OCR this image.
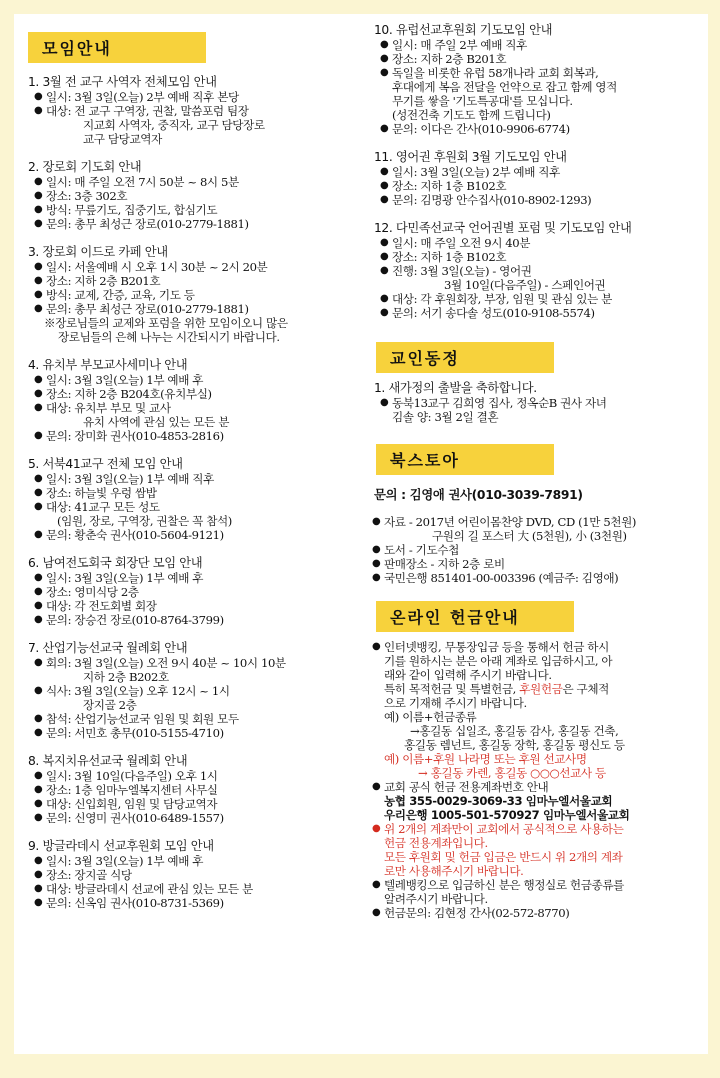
모임안내
1. 3월 전 교구 사역자 전체모임 안내
● 일시: 3월 3일(오늘) 2부 예배 직후 본당
● 대상: 전 교구 구역장, 권찰, 말씀포럼 팀장
지교회 사역자, 중직자, 교구 담당장로
교구 담당교역자
2. 장로회 기도회 안내
● 일시: 매 주일 오전 7시 50분 ~ 8시 5분
● 장소: 3층 302호
● 방식: 무릎기도, 집중기도, 합심기도
● 문의: 총무 최성근 장로(010-2779-1881)
3. 장로회 이드로 카페 안내
● 일시: 서울예배 시 오후 1시 30분 ~ 2시 20분
● 장소: 지하 2층 B201호
● 방식: 교제, 간증, 교육, 기도 등
● 문의: 총무 최성근 장로(010-2779-1881)
※장로님들의 교제와 포럼을 위한 모임이오니 많은
장로님들의 은혜 나누는 시간되시기 바랍니다.
4. 유치부 부모교사세미나 안내
● 일시: 3월 3일(오늘) 1부 예배 후
● 장소: 지하 2층 B204호(유치부실)
● 대상: 유치부 부모 및 교사
유치 사역에 관심 있는 모든 분
● 문의: 장미화 권사(010-4853-2816)
5. 서북41교구 전체 모임 안내
● 일시: 3월 3일(오늘) 1부 예배 직후
● 장소: 하늘빛 우렁 쌈밥
● 대상: 41교구 모든 성도
(임원, 장로, 구역장, 권찰은 꼭 참석)
● 문의: 황춘숙 권사(010-5604-9121)
6. 남여전도회국 회장단 모임 안내
● 일시: 3월 3일(오늘) 1부 예배 후
● 장소: 영미식당 2층
● 대상: 각 전도회별 회장
● 문의: 장승건 장로(010-8764-3799)
7. 산업기능선교국 월례회 안내
● 회의: 3월 3일(오늘) 오전 9시 40분 ~ 10시 10분
지하 2층 B202호
● 식사: 3월 3일(오늘) 오후 12시 ~ 1시
장지골 2층
● 참석: 산업기능선교국 임원 및 회원 모두
● 문의: 서민호 총무(010-5155-4710)
8. 복지치유선교국 월례회 안내
● 일시: 3월 10일(다음주일) 오후 1시
● 장소: 1층 임마누엘복지센터 사무실
● 대상: 신입회원, 임원 및 담당교역자
● 문의: 신영미 권사(010-6489-1557)
9. 방글라데시 선교후원회 모임 안내
● 일시: 3월 3일(오늘) 1부 예배 후
● 장소: 장지골 식당
● 대상: 방글라데시 선교에 관심 있는 모든 분
● 문의: 신옥임 권사(010-8731-5369)
10. 유럽선교후원회 기도모임 안내
● 일시: 매 주일 2부 예배 직후
● 장소: 지하 2층 B201호
● 독일을 비롯한 유럽 58개나라 교회 회복과,
후대에게 복음 전달을 언약으로 잡고 함께 영적
무기를 쌓을 '기도특공대'를 모십니다.
(성전건축 기도도 함께 드립니다)
● 문의: 이다은 간사(010-9906-6774)
11. 영어권 후원회 3월 기도모임 안내
● 일시: 3월 3일(오늘) 2부 예배 직후
● 장소: 지하 1층 B102호
● 문의: 김명광 안수집사(010-8902-1293)
12. 다민족선교국 언어권별 포럼 및 기도모임 안내
● 일시: 매 주일 오전 9시 40분
● 장소: 지하 1층 B102호
● 진행: 3월 3일(오늘) - 영어권
3월 10일(다음주일) - 스페인어권
● 대상: 각 후원회장, 부장, 임원 및 관심 있는 분
● 문의: 서기 송다솔 성도(010-9108-5574)
교인동정
1. 새가정의 출발을 축하합니다.
● 동북13교구 김희영 집사, 정옥순B 권사 자녀
김솔 양: 3월 2일 결혼
북스토아
문의 : 김영애 권사(010-3039-7891)
● 자료 - 2017년 어린이몸찬양 DVD, CD (1만 5천원)
구원의 길 포스터 大 (5천원), 小 (3천원)
● 도서 - 기도수첩
● 판매장소 - 지하 2층 로비
● 국민은행 851401-00-003396 (예금주: 김영애)
온라인 헌금안내
● 인터넷뱅킹, 무통장입금 등을 통해서 헌금 하시
기를 원하시는 분은 아래 계좌로 입금하시고, 아
래와 같이 입력해 주시기 바랍니다.
특히 목적헌금 및 특별헌금, 후원헌금은 구체적
으로 기재해 주시기 바랍니다.
예) 이름+헌금종류
→홍길동 십일조, 홍길동 감사, 홍길동 건축,
홍길동 렘넌트, 홍길동 장학, 홍길동 평신도 등
예) 이름+후원 나라명 또는 후원 선교사명
→ 홍길동 카렌, 홍길동 ○○○선교사 등
● 교회 공식 헌금 전용계좌번호 안내
농협 355-0029-3069-33 임마누엘서울교회
우리은행 1005-501-570927 임마누엘서울교회
● 위 2개의 계좌만이 교회에서 공식적으로 사용하는
헌금 전용계좌입니다.
모든 후원회 및 헌금 입금은 반드시 위 2개의 계좌
로만 사용해주시기 바랍니다.
● 텔레뱅킹으로 입금하신 분은 행정실로 헌금종류를
알려주시기 바랍니다.
● 헌금문의: 김현정 간사(02-572-8770)
